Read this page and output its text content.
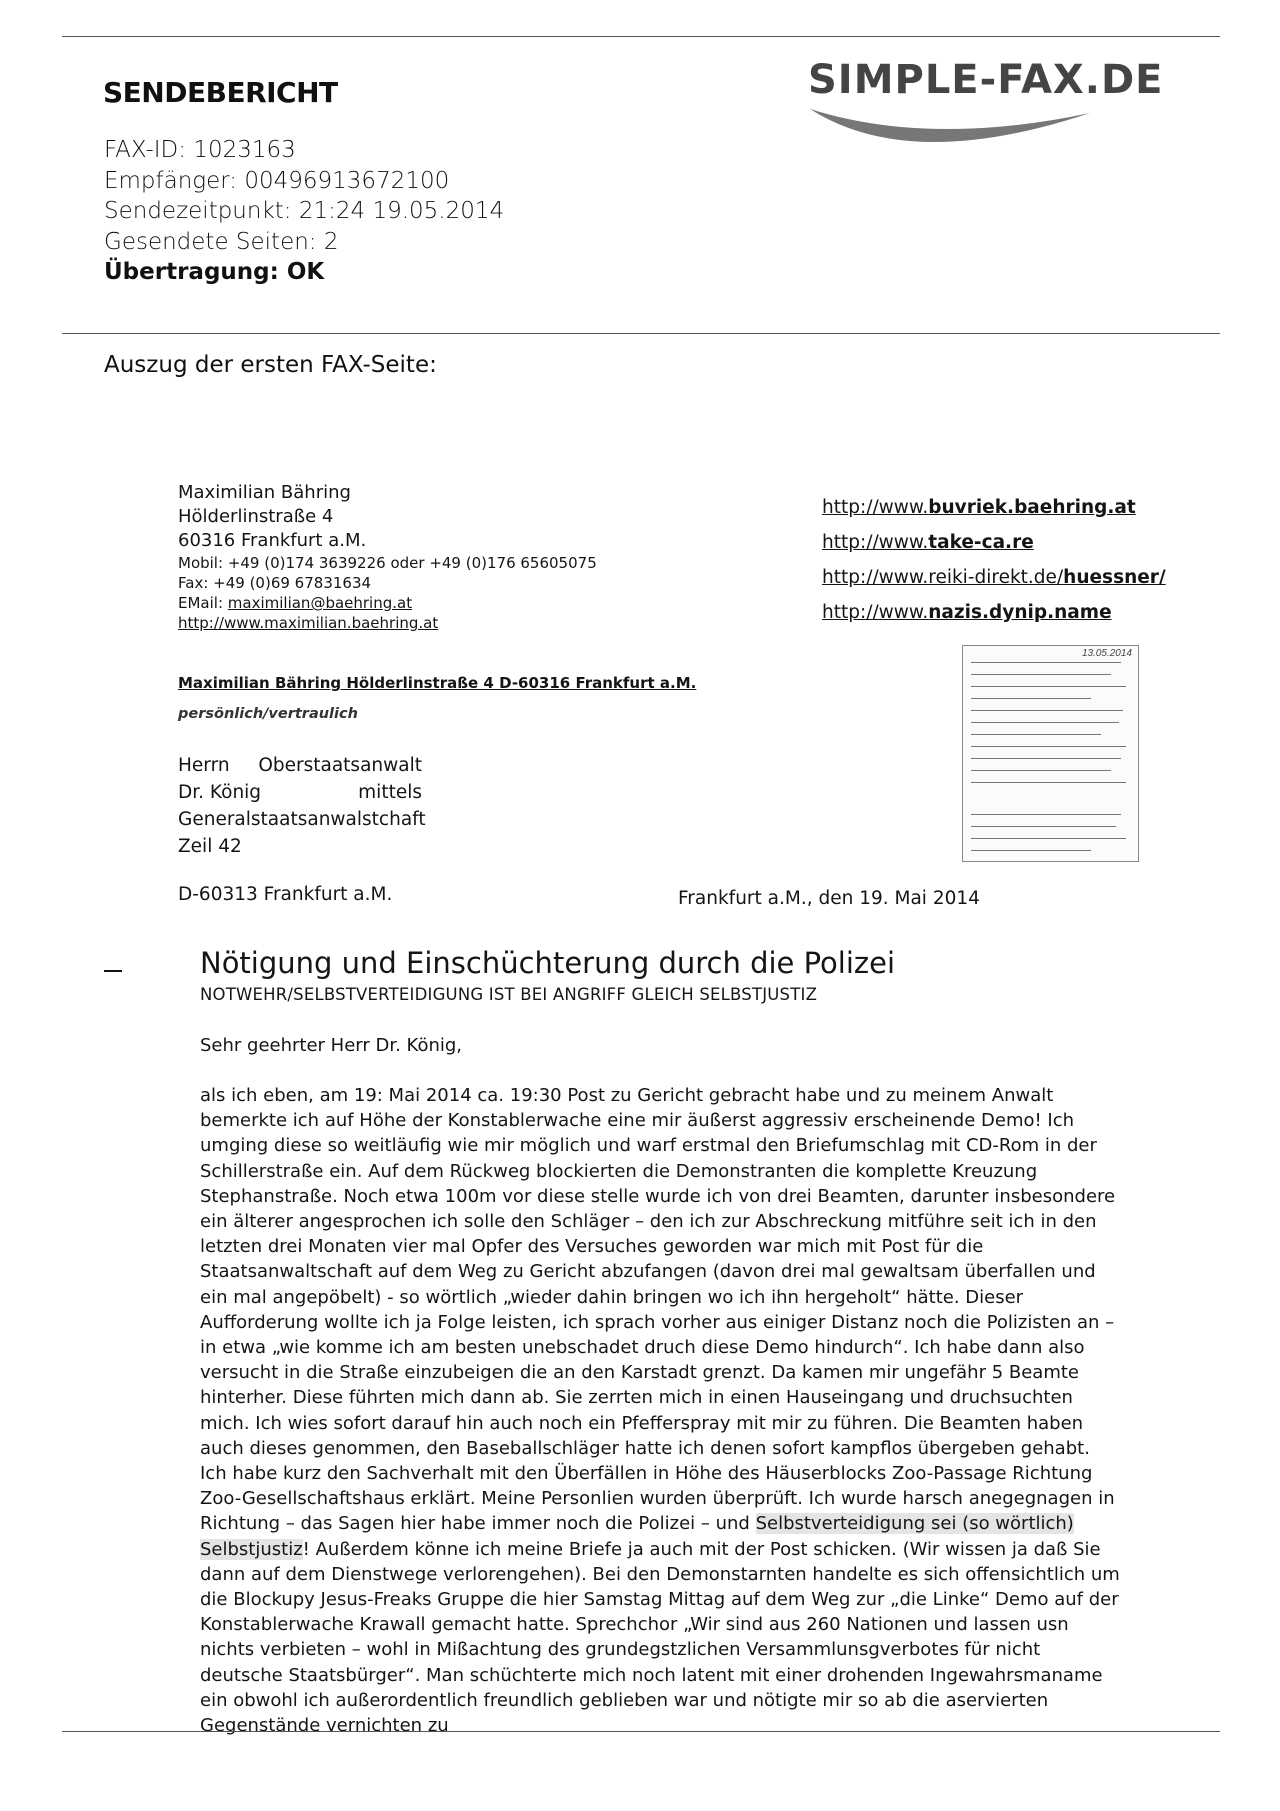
SENDEBERICHT	SIMPLE-FAX.DE
FAX-ID: 1023163
Empfänger: 00496913672100
Sendezeitpunkt: 21:24 19.05.2014
Gesendete Seiten: 2
Übertragung: OK
Auszug der ersten FAX-Seite:
Maximilian Bähring
Hölderlinstraße 4
60316 Frankfurt a.M.
Mobil: +49 (0)174 3639226 oder +49 (0)176 65605075
Fax: +49 (0)69 67831634
EMail: maximilian@baehring.at
http://www.maximilian.baehring.at
http://www.buvriek.baehring.at
http://www.take-ca.re
http://www.reiki-direkt.de/huessner/
http://www.nazis.dynip.name
13.05.2014
Maximilian Bähring Hölderlinstraße 4 D-60316 Frankfurt a.M.
persönlich/vertraulich
Herrn Oberstaatsanwalt
Dr. König	mittels
Generalstaatsanwalstchaft
Zeil 42
D-60313 Frankfurt a.M.	Frankfurt a.M., den 19. Mai 2014
Nötigung und Einschüchterung durch die Polizei
NOTWEHR/SELBSTVERTEIDIGUNG IST BEI ANGRIFF GLEICH SELBSTJUSTIZ
Sehr geehrter Herr Dr. König,

als ich eben, am 19: Mai 2014 ca. 19:30 Post zu Gericht gebracht habe und zu meinem Anwalt bemerkte ich auf Höhe der Konstablerwache eine mir äußerst aggressiv erscheinende Demo! Ich umging diese so weitläufig wie mir möglich und warf erstmal den Briefumschlag mit CD-Rom in der Schillerstraße ein. Auf dem Rückweg blockierten die Demonstranten die komplette Kreuzung Stephanstraße. Noch etwa 100m vor diese stelle wurde ich von drei Beamten, darunter insbesondere ein älterer angesprochen ich solle den Schläger – den ich zur Abschreckung mitführe seit ich in den letzten drei Monaten vier mal Opfer des Versuches geworden war mich mit Post für die Staatsanwaltschaft auf dem Weg zu Gericht abzufangen (davon drei mal gewaltsam überfallen und ein mal angepöbelt) - so wörtlich „wieder dahin bringen wo ich ihn hergeholt“ hätte. Dieser Aufforderung wollte ich ja Folge leisten, ich sprach vorher aus einiger Distanz noch die Polizisten an – in etwa „wie komme ich am besten unebschadet druch diese Demo hindurch“. Ich habe dann also versucht in die Straße einzubeigen die an den Karstadt grenzt. Da kamen mir ungefähr 5 Beamte hinterher. Diese führten mich dann ab. Sie zerrten mich in einen Hauseingang und druchsuchten mich. Ich wies sofort darauf hin auch noch ein Pfefferspray mit mir zu führen. Die Beamten haben auch dieses genommen, den Baseballschläger hatte ich denen sofort kampflos übergeben gehabt. Ich habe kurz den Sachverhalt mit den Überfällen in Höhe des Häuserblocks Zoo-Passage Richtung Zoo-Gesellschaftshaus erklärt. Meine Personlien wurden überprüft. Ich wurde harsch anegegnagen in Richtung – das Sagen hier habe immer noch die Polizei – und Selbstverteidigung sei (so wörtlich) Selbstjustiz! Außerdem könne ich meine Briefe ja auch mit der Post schicken. (Wir wissen ja daß Sie dann auf dem Dienstwege verlorengehen). Bei den Demonstarnten handelte es sich offensichtlich um die Blockupy Jesus-Freaks Gruppe die hier Samstag Mittag auf dem Weg zur „die Linke“ Demo auf der Konstablerwache Krawall gemacht hatte. Sprechchor „Wir sind aus 260 Nationen und lassen usn nichts verbieten – wohl in Mißachtung des grundegstzlichen Versammlunsgverbotes für nicht deutsche Staatsbürger“. Man schüchterte mich noch latent mit einer drohenden Ingewahrsmaname ein obwohl ich außerordentlich freundlich geblieben war und nötigte mir so ab die aservierten Gegenstände vernichten zu
